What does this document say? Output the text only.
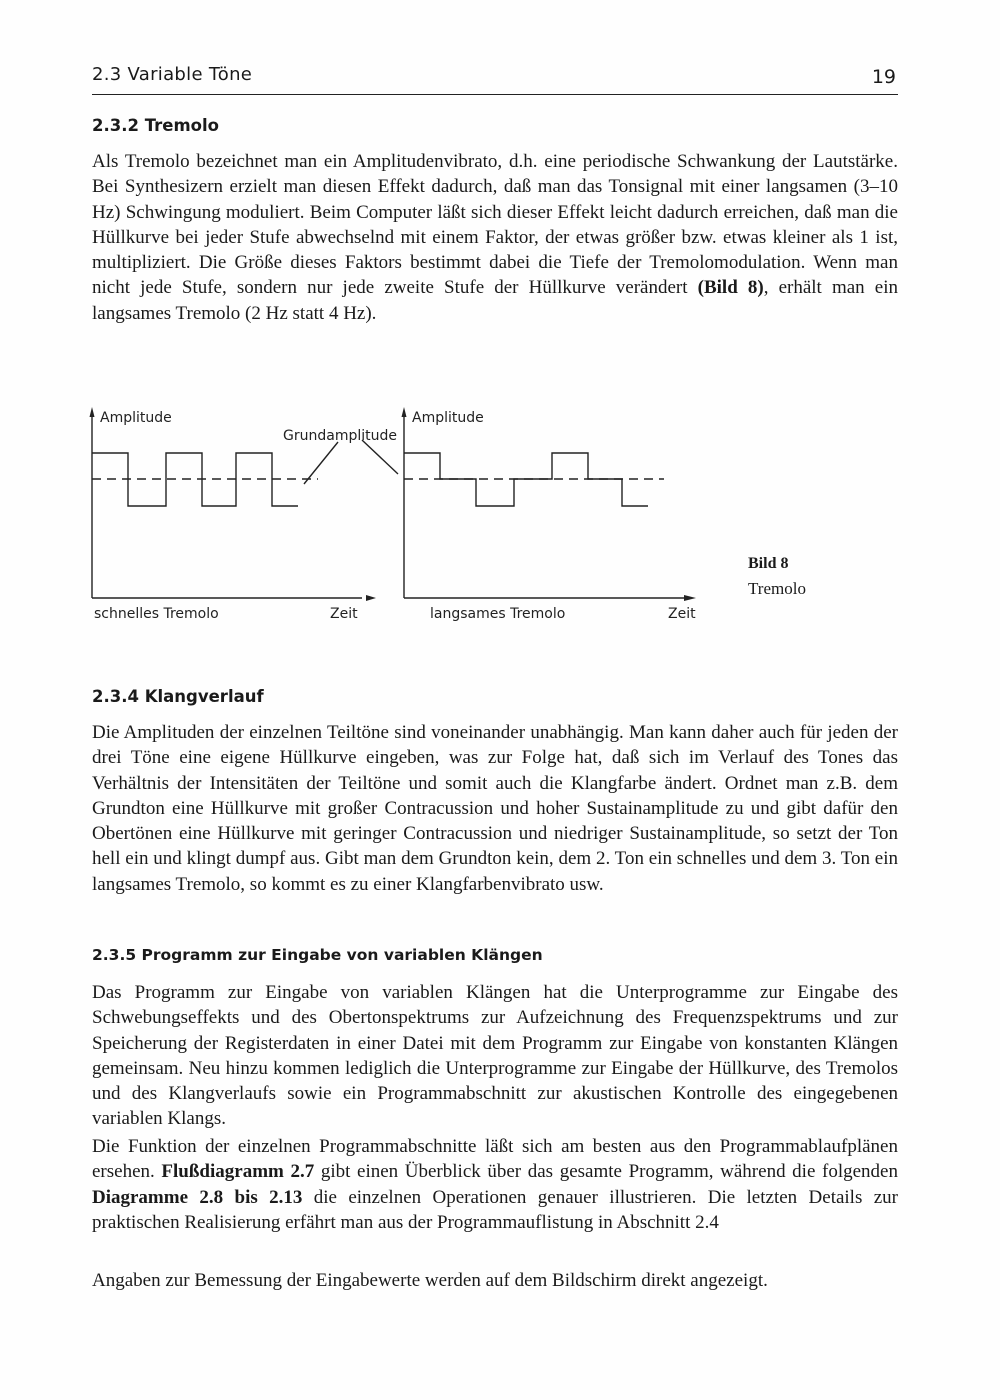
2.3 Variable Töne	19
2.3.2 Tremolo

Als Tremolo bezeichnet man ein Amplitudenvibrato, d.h. eine periodische Schwankung der Lautstärke. Bei Synthesizern erzielt man diesen Effekt dadurch, daß man das Tonsignal mit einer langsamen (3–10 Hz) Schwingung moduliert. Beim Computer läßt sich dieser Effekt leicht dadurch erreichen, daß man die Hüllkurve bei jeder Stufe abwechselnd mit einem Faktor, der etwas größer bzw. etwas kleiner als 1 ist, multipliziert. Die Größe dieses Faktors bestimmt dabei die Tiefe der Tremolomodulation. Wenn man nicht jede Stufe, sondern nur jede zweite Stufe der Hüllkurve verändert (Bild 8), erhält man ein langsames Tremolo (2 Hz statt 4 Hz).

Amplitude
Grundamplitude
Amplitude
schnelles Tremolo	Zeit	langsames Tremolo	Zeit
Bild 8
Tremolo
2.3.4 Klangverlauf

Die Amplituden der einzelnen Teiltöne sind voneinander unabhängig. Man kann daher auch für jeden der drei Töne eine eigene Hüllkurve eingeben, was zur Folge hat, daß sich im Verlauf des Tones das Verhältnis der Intensitäten der Teiltöne und somit auch die Klangfarbe ändert. Ordnet man z.B. dem Grundton eine Hüllkurve mit großer Contracussion und hoher Sustainamplitude zu und gibt dafür den Obertönen eine Hüllkurve mit geringer Contracussion und niedriger Sustainamplitude, so setzt der Ton hell ein und klingt dumpf aus. Gibt man dem Grundton kein, dem 2. Ton ein schnelles und dem 3. Ton ein langsames Tremolo, so kommt es zu einer Klangfarbenvibrato usw.

2.3.5 Programm zur Eingabe von variablen Klängen

Das Programm zur Eingabe von variablen Klängen hat die Unterprogramme zur Eingabe des Schwebungseffekts und des Obertonspektrums zur Aufzeichnung des Frequenzspektrums und zur Speicherung der Registerdaten in einer Datei mit dem Programm zur Eingabe von konstanten Klängen gemeinsam. Neu hinzu kommen lediglich die Unterprogramme zur Eingabe der Hüllkurve, des Tremolos und des Klangverlaufs sowie ein Programmabschnitt zur akustischen Kontrolle des eingegebenen variablen Klangs.

Die Funktion der einzelnen Programmabschnitte läßt sich am besten aus den Programmablaufplänen ersehen. Flußdiagramm 2.7 gibt einen Überblick über das gesamte Programm, während die folgenden Diagramme 2.8 bis 2.13 die einzelnen Operationen genauer illustrieren. Die letzten Details zur praktischen Realisierung erfährt man aus der Programmauflistung in Abschnitt 2.4

Angaben zur Bemessung der Eingabewerte werden auf dem Bildschirm direkt angezeigt.
